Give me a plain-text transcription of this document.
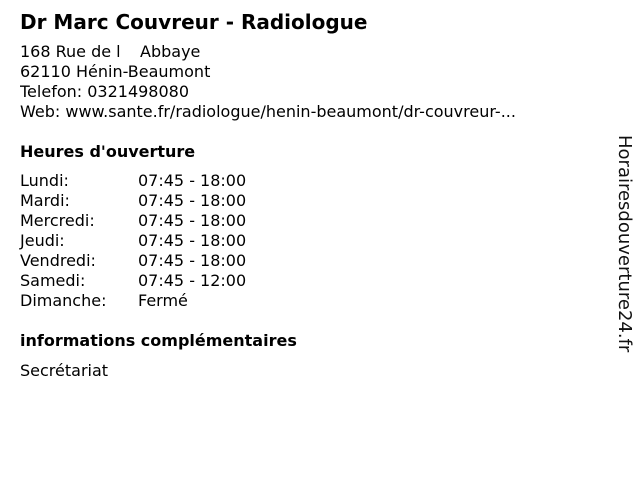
Dr Marc Couvreur - Radiologue
168 Rue de lAbbaye
62110 Hénin-Beaumont
Telefon: 0321498080
Web: www.sante.fr/radiologue/henin-beaumont/dr-couvreur-...
Heures d'ouverture
Lundi:	07:45 - 18:00
Mardi:	07:45 - 18:00
Mercredi:	07:45 - 18:00
Jeudi:	07:45 - 18:00
Vendredi:	07:45 - 18:00
Samedi:	07:45 - 12:00
Dimanche:	Fermé
informations complémentaires
Secrétariat
Horairesdouverture24.fr
